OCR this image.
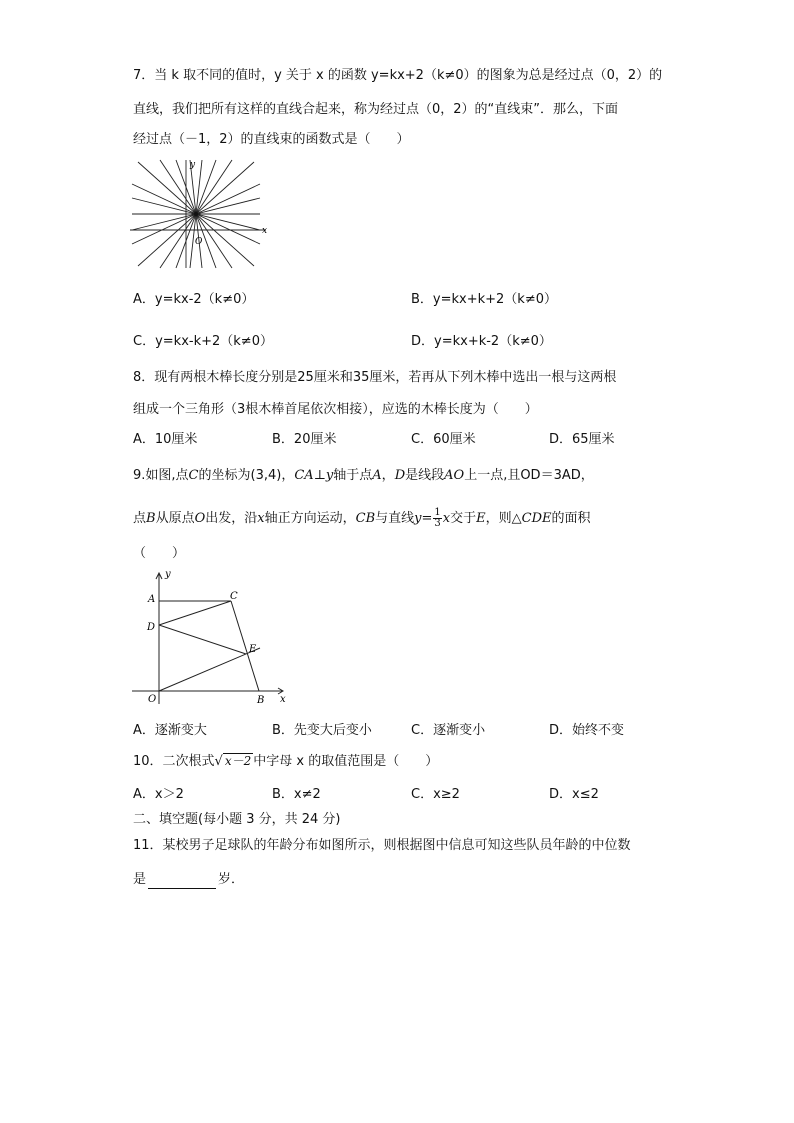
7．当 k 取不同的值时，y 关于 x 的函数 y=kx+2（k≠0）的图象为总是经过点（0，2）的
直线，我们把所有这样的直线合起来，称为经过点（0，2）的“直线束”．那么，下面
经过点（－1，2）的直线束的函数式是（　　）
y
x
O
A．y=kx-2（k≠0）	B．y=kx+k+2（k≠0）
C．y=kx-k+2（k≠0）	D．y=kx+k-2（k≠0）
8．现有两根木棒长度分别是25厘米和35厘米，若再从下列木棒中选出一根与这两根
组成一个三角形（3根木棒首尾依次相接），应选的木棒长度为（　　）
A．10厘米	B．20厘米	C．60厘米	D．65厘米
9.如图,点C的坐标为(3,4)，CA⊥y轴于点A，D是线段AO上一点,且OD＝3AD，
点B从原点O出发，沿x轴正方向运动，CB与直线$y= \frac{1}{3}$ x交于E，则△CDE的面积
（　　）
A	C
D
E
O	B x
y
A．逐渐变大	B．先变大后变小	C．逐渐变小	D．始终不变
10．二次根式√ x－2 中字母 x 的取值范围是（　　）
A．x＞2	B．x≠2	C．x≥2	D．x≤2
二、填空题(每小题 3 分，共 24 分)
11．某校男子足球队的年龄分布如图所示，则根据图中信息可知这些队员年龄的中位数
是	岁．
